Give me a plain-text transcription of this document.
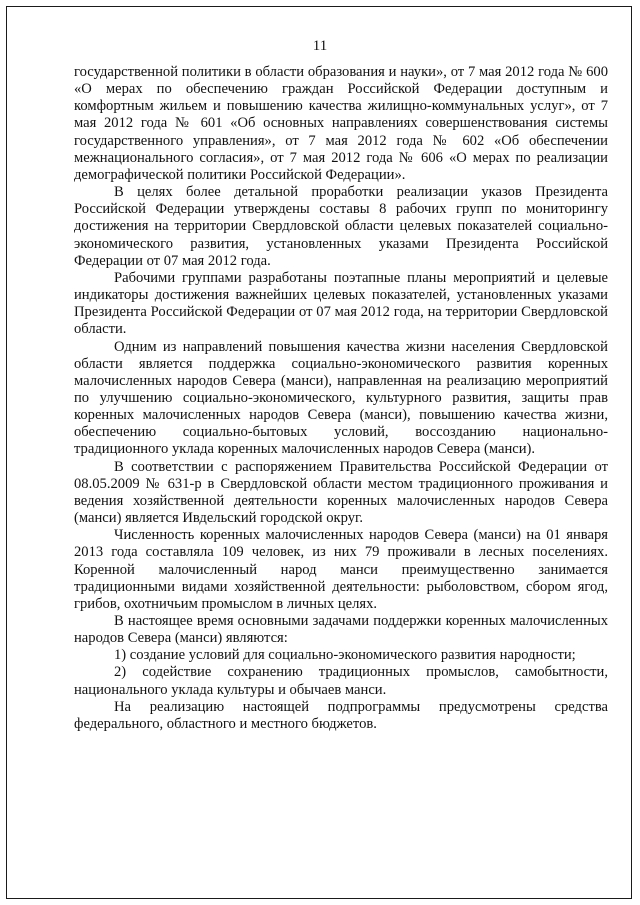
11

государственной политики в области образования и науки», от 7 мая 2012 года № 600 «О мерах по обеспечению граждан Российской Федерации доступным и комфортным жильем и повышению качества жилищно-коммунальных услуг», от 7 мая 2012 года № 601 «Об основных направлениях совершенствования системы государственного управления», от 7 мая 2012 года № 602 «Об обеспечении межнационального согласия», от 7 мая 2012 года № 606 «О мерах по реализации демографической политики Российской Федерации».

В целях более детальной проработки реализации указов Президента Российской Федерации утверждены составы 8 рабочих групп по мониторингу достижения на территории Свердловской области целевых показателей социально-экономического развития, установленных указами Президента Российской Федерации от 07 мая 2012 года.

Рабочими группами разработаны поэтапные планы мероприятий и целевые индикаторы достижения важнейших целевых показателей, установленных указами Президента Российской Федерации от 07 мая 2012 года, на территории Свердловской области.

Одним из направлений повышения качества жизни населения Свердловской области является поддержка социально-экономического развития коренных малочисленных народов Севера (манси), направленная на реализацию мероприятий по улучшению социально-экономического, культурного развития, защиты прав коренных малочисленных народов Севера (манси), повышению качества жизни, обеспечению социально-бытовых условий, воссозданию национально-традиционного уклада коренных малочисленных народов Севера (манси).

В соответствии с распоряжением Правительства Российской Федерации от 08.05.2009 № 631-р в Свердловской области местом традиционного проживания и ведения хозяйственной деятельности коренных малочисленных народов Севера (манси) является Ивдельский городской округ.

Численность коренных малочисленных народов Севера (манси) на 01 января 2013 года составляла 109 человек, из них 79 проживали в лесных поселениях. Коренной малочисленный народ манси преимущественно занимается традиционными видами хозяйственной деятельности: рыболовством, сбором ягод, грибов, охотничьим промыслом в личных целях.

В настоящее время основными задачами поддержки коренных малочисленных народов Севера (манси) являются:

1) создание условий для социально-экономического развития народности;

2) содействие сохранению традиционных промыслов, самобытности, национального уклада культуры и обычаев манси.

На реализацию настоящей подпрограммы предусмотрены средства федерального, областного и местного бюджетов.
